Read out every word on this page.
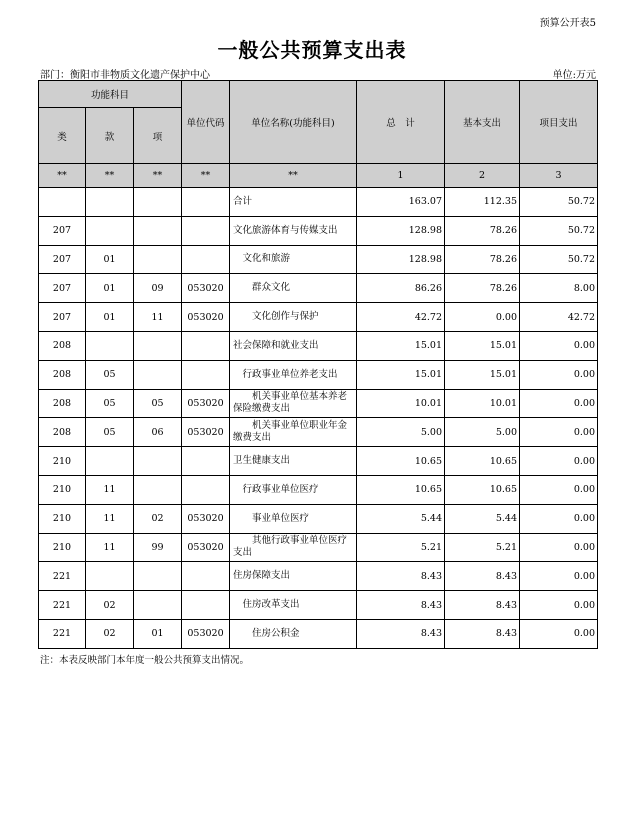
预算公开表5
一般公共预算支出表
部门：衡阳市非物质文化遗产保护中心	单位:万元
功能科目			单位代码	单位名称(功能科目)	总　计	基本支出	项目支出
类	款	项					
**	**	**	**	**	1	2	3
				合计	163.07	112.35	50.72
207				文化旅游体育与传媒支出	128.98	78.26	50.72
207	01			　文化和旅游	128.98	78.26	50.72
207	01	09	053020	　　群众文化	86.26	78.26	8.00
207	01	11	053020	　　文化创作与保护	42.72	0.00	42.72
208				社会保障和就业支出	15.01	15.01	0.00
208	05			　行政事业单位养老支出	15.01	15.01	0.00
208	05	05	053020	　　机关事业单位基本养老保险缴费支出	10.01	10.01	0.00
208	05	06	053020	　　机关事业单位职业年金缴费支出	5.00	5.00	0.00
210				卫生健康支出	10.65	10.65	0.00
210	11			　行政事业单位医疗	10.65	10.65	0.00
210	11	02	053020	　　事业单位医疗	5.44	5.44	0.00
210	11	99	053020	　　其他行政事业单位医疗支出	5.21	5.21	0.00
221				住房保障支出	8.43	8.43	0.00
221	02			　住房改革支出	8.43	8.43	0.00
221	02	01	053020	　　住房公积金	8.43	8.43	0.00
注：本表反映部门本年度一般公共预算支出情况。
